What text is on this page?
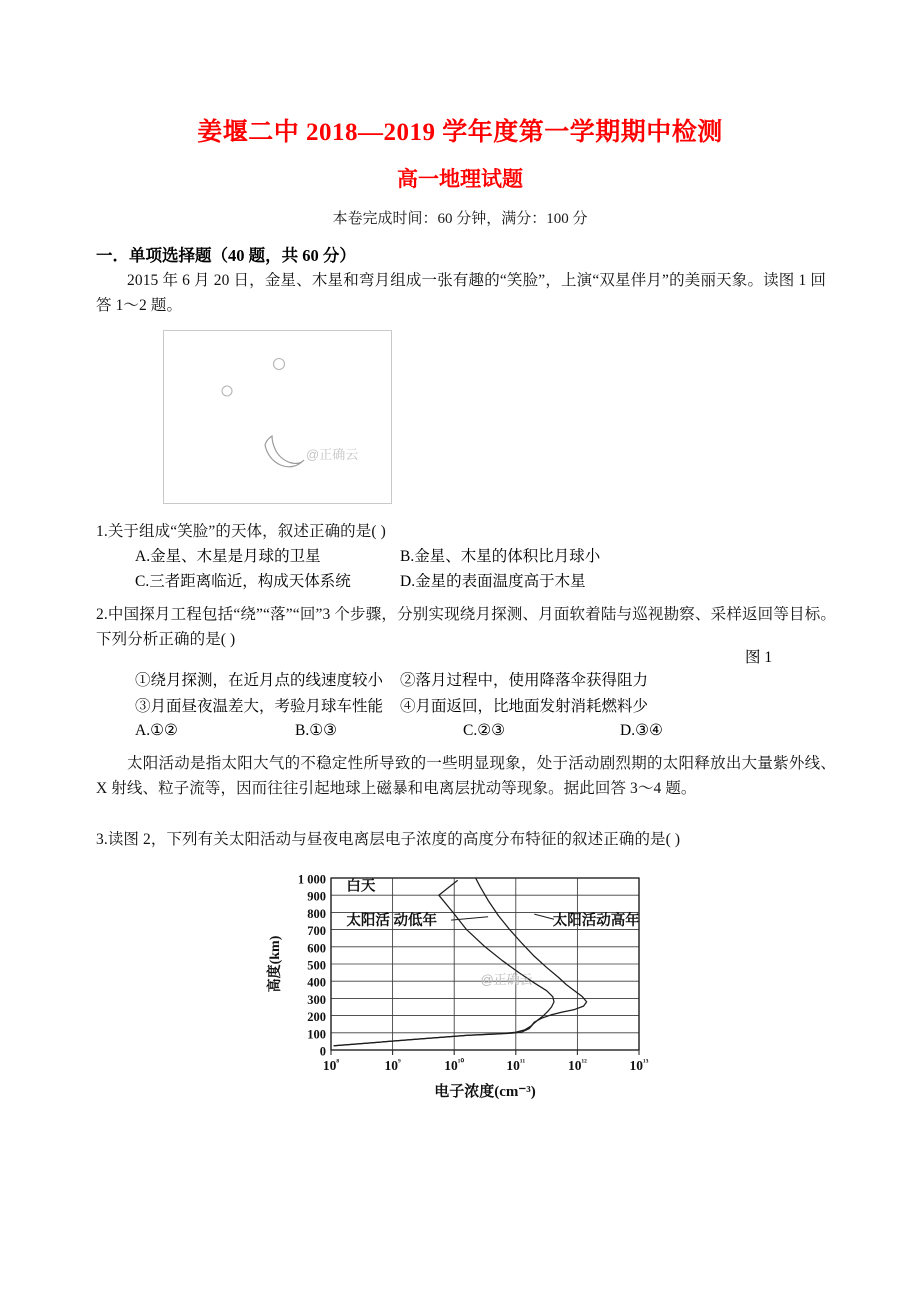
姜堰二中 2018—2019 学年度第一学期期中检测
高一地理试题
本卷完成时间：60 分钟，满分：100 分
一．单项选择题（40 题，共 60 分）
2015 年 6 月 20 日，金星、木星和弯月组成一张有趣的“笑脸”，上演“双星伴月”的美丽天象。读图 1 回答 1～2 题。
@正确云
1.关于组成“笑脸”的天体，叙述正确的是( )
A.金星、木星是月球的卫星	B.金星、木星的体积比月球小
C.三者距离临近，构成天体系统	D.金星的表面温度高于木星
2.中国探月工程包括“绕”“落”“回”3 个步骤，分别实现绕月探测、月面软着陆与巡视勘察、采样返回等目标。下列分析正确的是( )
图 1
①绕月探测，在近月点的线速度较小 ②落月过程中，使用降落伞获得阻力
③月面昼夜温差大，考验月球车性能 ④月面返回，比地面发射消耗燃料少
A.①②	B.①③	C.②③	D.③④
太阳活动是指太阳大气的不稳定性所导致的一些明显现象，处于活动剧烈期的太阳释放出大量紫外线、X 射线、粒子流等，因而往往引起地球上磁暴和电离层扰动等现象。据此回答 3～4 题。
3.读图 2，下列有关太阳活动与昼夜电离层电子浓度的高度分布特征的叙述正确的是( )
0
100
200
300
400
500
600
700
800
900
1 000
$10^{^8}$	$10^{^9}$	$10^{^{10}}$	$10^{^{11}}$	$10^{^{12}}$	$10^{^{13}}$
高度(km)
电子浓度(cm⁻³)
白天
太阳活 动低年	太阳活动高年
@正确云
